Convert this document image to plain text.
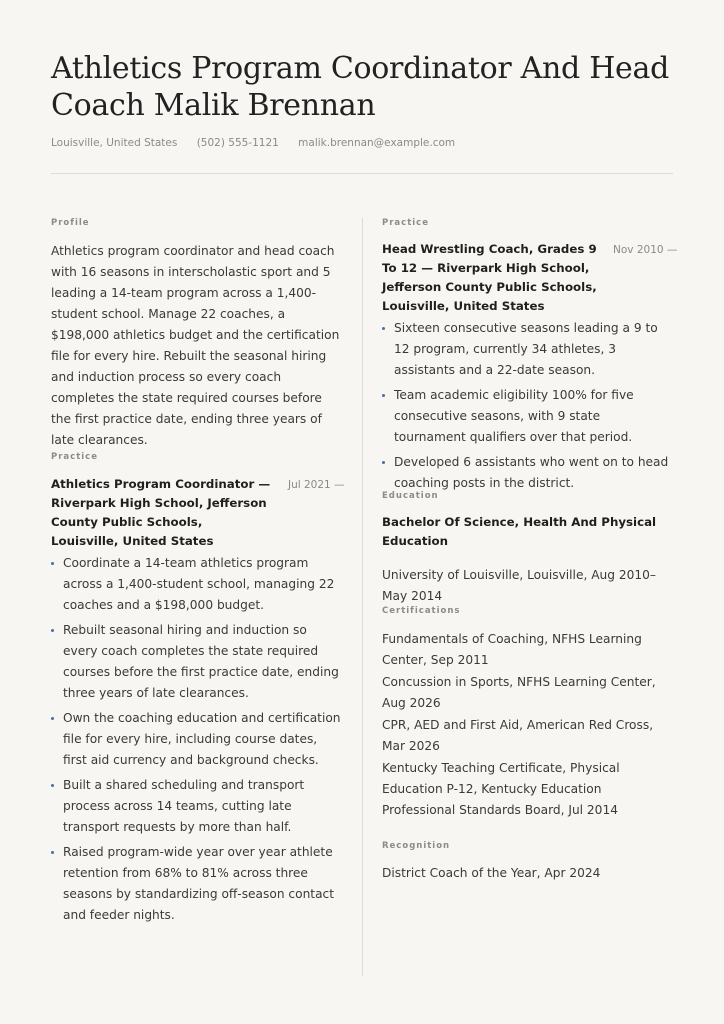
Athletics Program Coordinator And Head Coach Malik Brennan
Louisville, United States (502) 555-1121 malik.brennan@example.com
Profile

Athletics program coordinator and head coach with 16 seasons in interscholastic sport and 5 leading a 14-team program across a 1,400-student school. Manage 22 coaches, a $198,000 athletics budget and the certification file for every hire. Rebuilt the seasonal hiring and induction process so every coach completes the state required courses before the first practice date, ending three years of late clearances.

Practice
Athletics Program Coordinator — Riverpark High School, Jefferson County Public Schools, Louisville, United States
Jul 2021 —
Coordinate a 14-team athletics program across a 1,400-student school, managing 22 coaches and a $198,000 budget.
Rebuilt seasonal hiring and induction so every coach completes the state required courses before the first practice date, ending three years of late clearances.
Own the coaching education and certification file for every hire, including course dates, first aid currency and background checks.
Built a shared scheduling and transport process across 14 teams, cutting late transport requests by more than half.
Raised program-wide year over year athlete retention from 68% to 81% across three seasons by standardizing off-season contact and feeder nights.
Practice
Head Wrestling Coach, Grades 9 To 12 — Riverpark High School, Jefferson County Public Schools, Louisville, United States
Nov 2010 —
Sixteen consecutive seasons leading a 9 to 12 program, currently 34 athletes, 3 assistants and a 22-date season.
Team academic eligibility 100% for five consecutive seasons, with 9 state tournament qualifiers over that period.
Developed 6 assistants who went on to head coaching posts in the district.
Education
Bachelor Of Science, Health And Physical Education

University of Louisville, Louisville, Aug 2010– May 2014

Certifications

Fundamentals of Coaching, NFHS Learning Center, Sep 2011

Concussion in Sports, NFHS Learning Center, Aug 2026

CPR, AED and First Aid, American Red Cross, Mar 2026

Kentucky Teaching Certificate, Physical Education P-12, Kentucky Education Professional Standards Board, Jul 2014

Recognition

District Coach of the Year, Apr 2024
